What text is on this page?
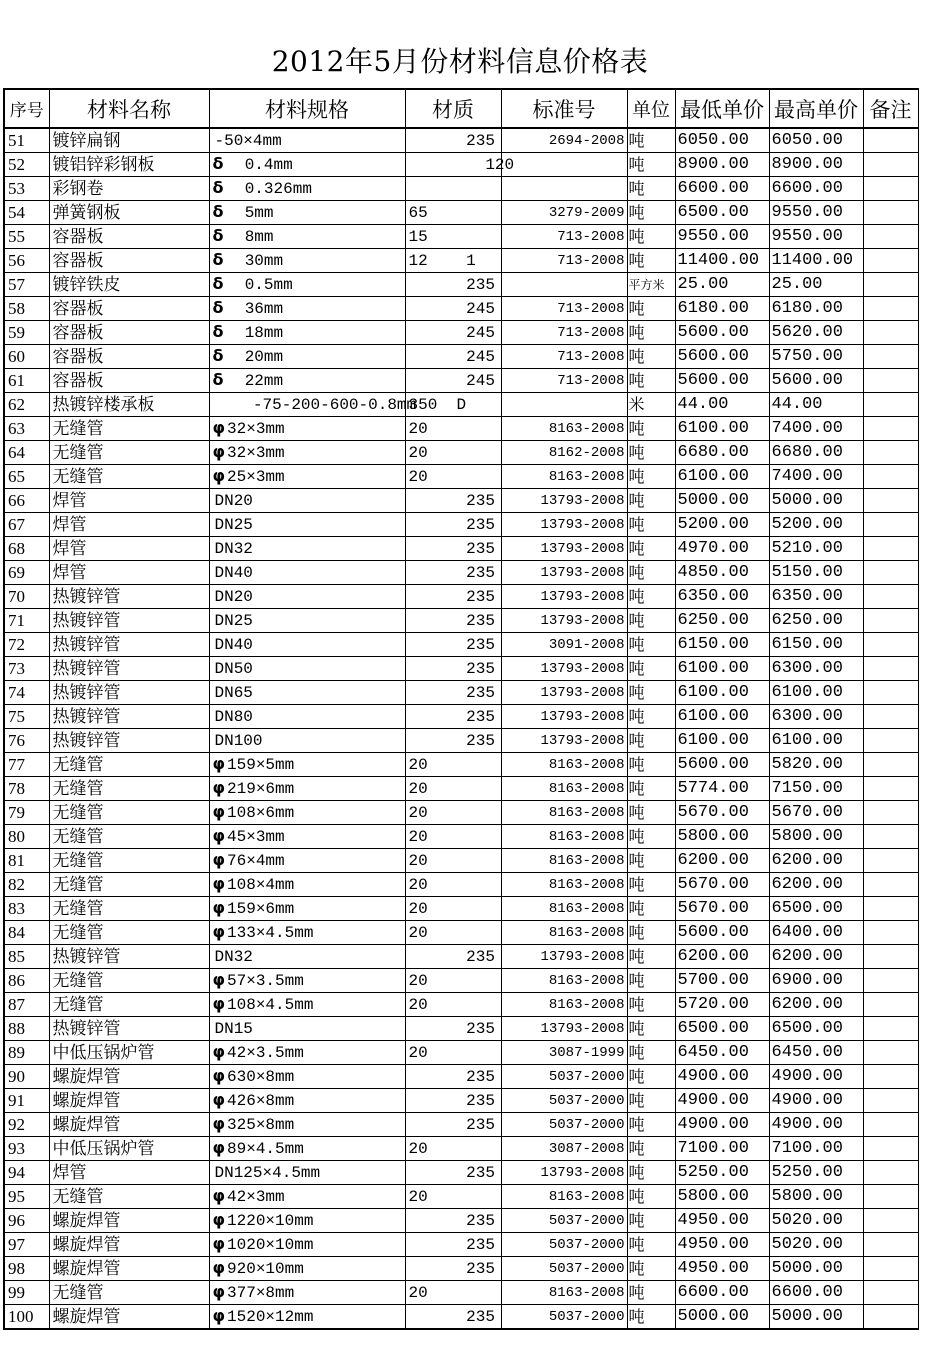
2012年5月份材料信息价格表
序号	材料名称	材料规格	材质	标准号	单位	最低单价	最高单价	备注
51	镀锌扁钢	-50×4mm	235	2694-2008	吨	6050.00	6050.00	
52	镀铝锌彩钢板	δ  0.4mm	120		吨	8900.00	8900.00	
53	彩钢卷	δ  0.326mm			吨	6600.00	6600.00	
54	弹簧钢板	δ  5mm	65	3279-2009	吨	6500.00	9550.00	
55	容器板	δ  8mm	15	713-2008	吨	9550.00	9550.00	
56	容器板	δ  30mm	12    1	713-2008	吨	11400.00	11400.00	
57	镀锌铁皮	δ  0.5mm	235		平方米	25.00	25.00	
58	容器板	δ  36mm	245	713-2008	吨	6180.00	6180.00	
59	容器板	δ  18mm	245	713-2008	吨	5600.00	5620.00	
60	容器板	δ  20mm	245	713-2008	吨	5600.00	5750.00	
61	容器板	δ  22mm	245	713-2008	吨	5600.00	5600.00	
62	热镀锌楼承板	-75-200-600-0.8mm	350  D		米	44.00	44.00	
63	无缝管	φ 32×3mm	20	8163-2008	吨	6100.00	7400.00	
64	无缝管	φ 32×3mm	20	8162-2008	吨	6680.00	6680.00	
65	无缝管	φ 25×3mm	20	8163-2008	吨	6100.00	7400.00	
66	焊管	DN20	235	13793-2008	吨	5000.00	5000.00	
67	焊管	DN25	235	13793-2008	吨	5200.00	5200.00	
68	焊管	DN32	235	13793-2008	吨	4970.00	5210.00	
69	焊管	DN40	235	13793-2008	吨	4850.00	5150.00	
70	热镀锌管	DN20	235	13793-2008	吨	6350.00	6350.00	
71	热镀锌管	DN25	235	13793-2008	吨	6250.00	6250.00	
72	热镀锌管	DN40	235	3091-2008	吨	6150.00	6150.00	
73	热镀锌管	DN50	235	13793-2008	吨	6100.00	6300.00	
74	热镀锌管	DN65	235	13793-2008	吨	6100.00	6100.00	
75	热镀锌管	DN80	235	13793-2008	吨	6100.00	6300.00	
76	热镀锌管	DN100	235	13793-2008	吨	6100.00	6100.00	
77	无缝管	φ 159×5mm	20	8163-2008	吨	5600.00	5820.00	
78	无缝管	φ 219×6mm	20	8163-2008	吨	5774.00	7150.00	
79	无缝管	φ 108×6mm	20	8163-2008	吨	5670.00	5670.00	
80	无缝管	φ 45×3mm	20	8163-2008	吨	5800.00	5800.00	
81	无缝管	φ 76×4mm	20	8163-2008	吨	6200.00	6200.00	
82	无缝管	φ 108×4mm	20	8163-2008	吨	5670.00	6200.00	
83	无缝管	φ 159×6mm	20	8163-2008	吨	5670.00	6500.00	
84	无缝管	φ 133×4.5mm	20	8163-2008	吨	5600.00	6400.00	
85	热镀锌管	DN32	235	13793-2008	吨	6200.00	6200.00	
86	无缝管	φ 57×3.5mm	20	8163-2008	吨	5700.00	6900.00	
87	无缝管	φ 108×4.5mm	20	8163-2008	吨	5720.00	6200.00	
88	热镀锌管	DN15	235	13793-2008	吨	6500.00	6500.00	
89	中低压锅炉管	φ 42×3.5mm	20	3087-1999	吨	6450.00	6450.00	
90	螺旋焊管	φ 630×8mm	235	5037-2000	吨	4900.00	4900.00	
91	螺旋焊管	φ 426×8mm	235	5037-2000	吨	4900.00	4900.00	
92	螺旋焊管	φ 325×8mm	235	5037-2000	吨	4900.00	4900.00	
93	中低压锅炉管	φ 89×4.5mm	20	3087-2008	吨	7100.00	7100.00	
94	焊管	DN125×4.5mm	235	13793-2008	吨	5250.00	5250.00	
95	无缝管	φ 42×3mm	20	8163-2008	吨	5800.00	5800.00	
96	螺旋焊管	φ 1220×10mm	235	5037-2000	吨	4950.00	5020.00	
97	螺旋焊管	φ 1020×10mm	235	5037-2000	吨	4950.00	5020.00	
98	螺旋焊管	φ 920×10mm	235	5037-2000	吨	4950.00	5000.00	
99	无缝管	φ 377×8mm	20	8163-2008	吨	6600.00	6600.00	
100	螺旋焊管	φ 1520×12mm	235	5037-2000	吨	5000.00	5000.00	
